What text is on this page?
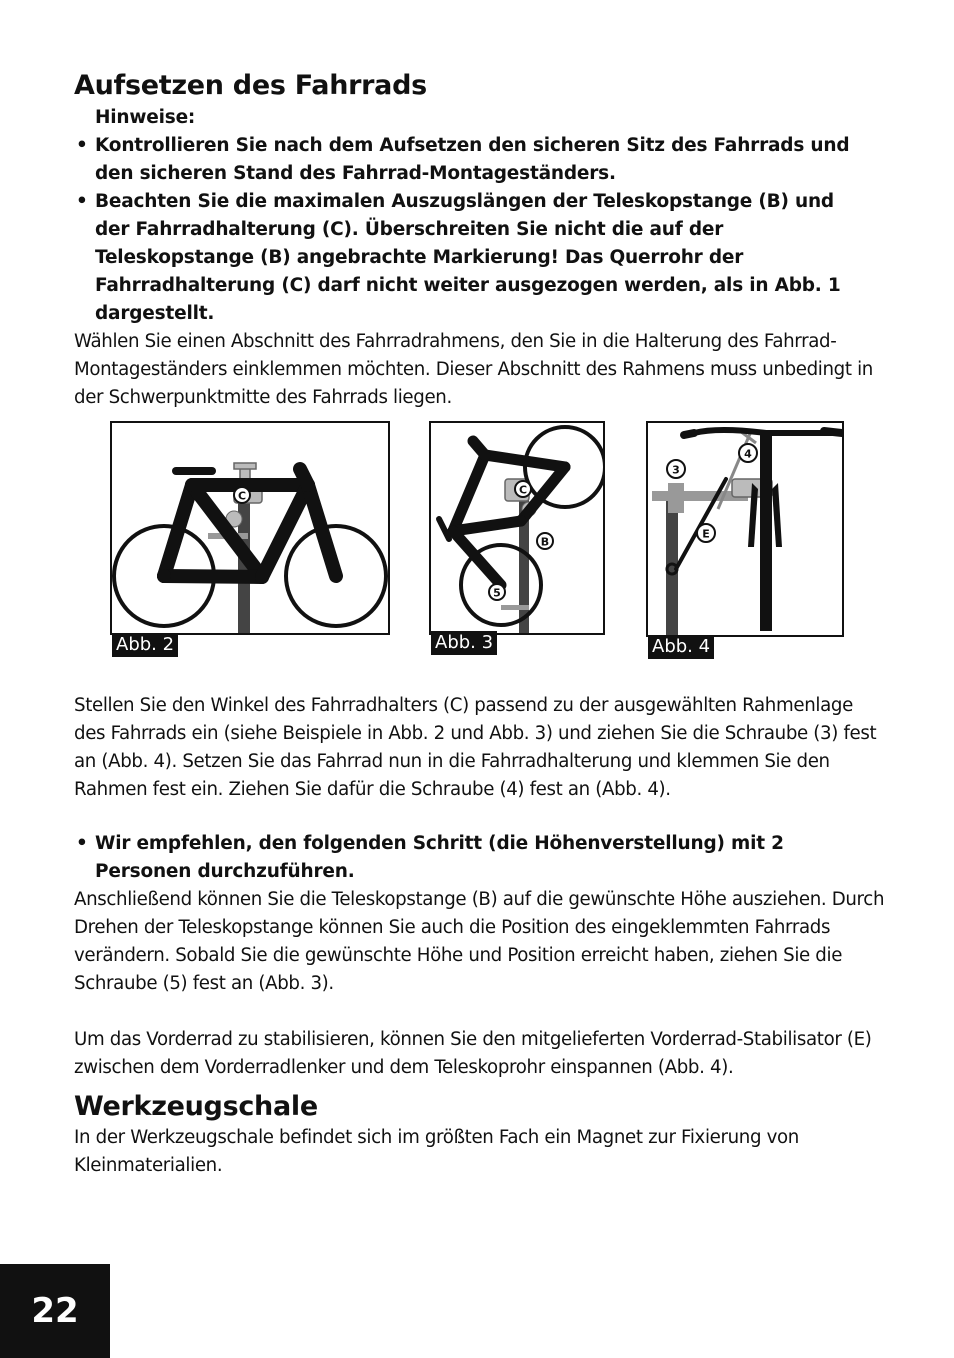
Aufsetzen des Fahrrads
Hinweise:
• Kontrollieren Sie nach dem Aufsetzen den sicheren Sitz des Fahrrads und den sicheren Stand des Fahrrad-Montageständers.
• Beachten Sie die maximalen Auszugslängen der Teleskopstange (B) und der Fahrradhalterung (C). Überschreiten Sie nicht die auf der Teleskopstange (B) angebrachte Markierung! Das Querrohr der Fahrradhalterung (C) darf nicht weiter ausgezogen werden, als in Abb. 1 dargestellt.

Wählen Sie einen Abschnitt des Fahrradrahmens, den Sie in die Halterung des Fahrrad-Montageständers einklemmen möchten. Dieser Abschnitt des Rahmens muss unbedingt in der Schwerpunktmitte des Fahrrads liegen.

C
Abb. 2
C
B
5
Abb. 3
3
4
E
Abb. 4

Stellen Sie den Winkel des Fahrradhalters (C) passend zu der ausgewählten Rahmenlage des Fahrrads ein (siehe Beispiele in Abb. 2 und Abb. 3) und ziehen Sie die Schraube (3) fest an (Abb. 4). Setzen Sie das Fahrrad nun in die Fahrradhalterung und klemmen Sie den Rahmen fest ein. Ziehen Sie dafür die Schraube (4) fest an (Abb. 4).

• Wir empfehlen, den folgenden Schritt (die Höhenverstellung) mit 2 Personen durchzuführen.

Anschließend können Sie die Teleskopstange (B) auf die gewünschte Höhe ausziehen. Durch Drehen der Teleskopstange können Sie auch die Position des eingeklemmten Fahrrads verändern. Sobald Sie die gewünschte Höhe und Position erreicht haben, ziehen Sie die Schraube (5) fest an (Abb. 3).

Um das Vorderrad zu stabilisieren, können Sie den mitgelieferten Vorderrad-Stabilisator (E) zwischen dem Vorderradlenker und dem Teleskoprohr einspannen (Abb. 4).

Werkzeugschale

In der Werkzeugschale befindet sich im größten Fach ein Magnet zur Fixierung von Kleinmaterialien.

22
